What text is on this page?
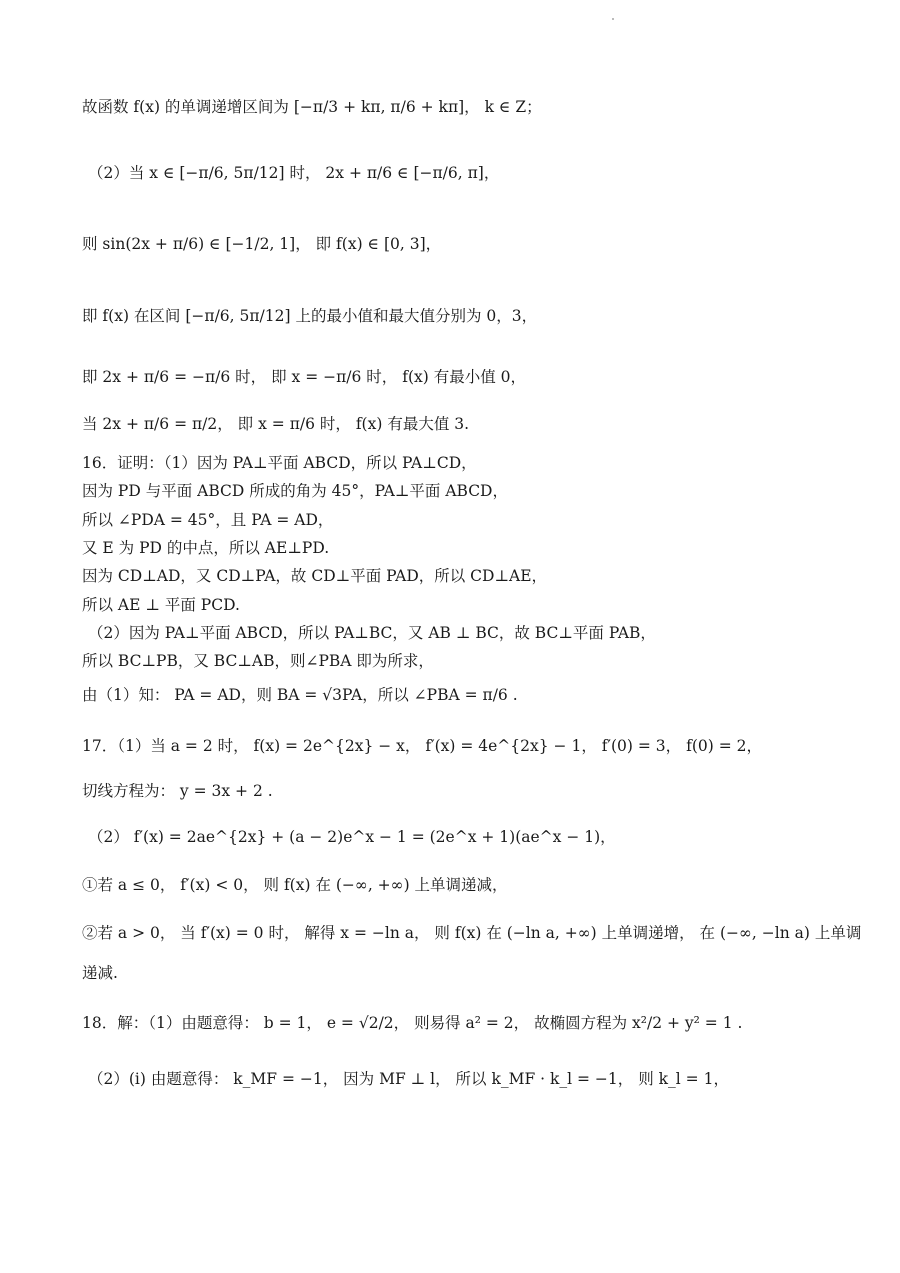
故函数 f(x) 的单调递增区间为 [−π/3 + kπ, π/6 + kπ]， k ∈ Z；
（2）当 x ∈ [−π/6, 5π/12] 时， 2x + π/6 ∈ [−π/6, π]，
则 sin(2x + π/6) ∈ [−1/2, 1]， 即 f(x) ∈ [0, 3]，
即 f(x) 在区间 [−π/6, 5π/12] 上的最小值和最大值分别为 0，3，
即 2x + π/6 = −π/6 时， 即 x = −π/6 时， f(x) 有最小值 0，
当 2x + π/6 = π/2， 即 x = π/6 时， f(x) 有最大值 3.
16．证明：（1）因为 PA⊥平面 ABCD，所以 PA⊥CD，
因为 PD 与平面 ABCD 所成的角为 45°，PA⊥平面 ABCD，
所以 ∠PDA = 45°，且 PA = AD，
又 E 为 PD 的中点，所以 AE⊥PD.
因为 CD⊥AD，又 CD⊥PA，故 CD⊥平面 PAD，所以 CD⊥AE，
所以 AE ⊥ 平面 PCD.
（2）因为 PA⊥平面 ABCD，所以 PA⊥BC，又 AB ⊥ BC，故 BC⊥平面 PAB，
所以 BC⊥PB，又 BC⊥AB，则∠PBA 即为所求，
由（1）知： PA = AD，则 BA = √3PA，所以 ∠PBA = π/6 .
17．（1）当 a = 2 时， f(x) = 2e^{2x} − x， f′(x) = 4e^{2x} − 1， f′(0) = 3， f(0) = 2，
切线方程为： y = 3x + 2 .
（2） f′(x) = 2ae^{2x} + (a − 2)e^x − 1 = (2e^x + 1)(ae^x − 1)，
①若 a ≤ 0， f′(x) < 0， 则 f(x) 在 (−∞, +∞) 上单调递减，
②若 a > 0， 当 f′(x) = 0 时， 解得 x = −ln a， 则 f(x) 在 (−ln a, +∞) 上单调递增， 在 (−∞, −ln a) 上单调
递减.
18．解：（1）由题意得： b = 1， e = √2/2， 则易得 a² = 2， 故椭圆方程为 x²/2 + y² = 1 .
（2）(i) 由题意得： k_MF = −1， 因为 MF ⊥ l， 所以 k_MF · k_l = −1， 则 k_l = 1，
